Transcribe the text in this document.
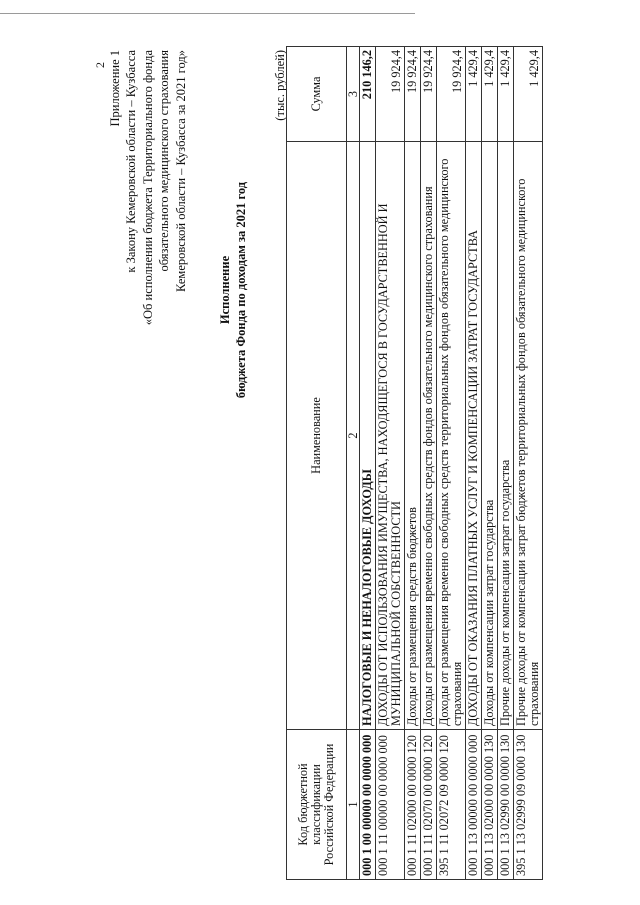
2 Приложение 1 к Закону Кемеровской области – Кузбасса «Об исполнении бюджета Территориального фонда обязательного медицинского страхования Кемеровской области – Кузбасса за 2021 год» Исполнение бюджета Фонда по доходам за 2021 год
(тыс. рублей)
Код бюджетной классификации Российской Федерации	Наименование	Сумма
1	2	3
000 1 00 00000 00 0000 000	НАЛОГОВЫЕ И НЕНАЛОГОВЫЕ ДОХОДЫ	210 146,2
000 1 11 00000 00 0000 000	ДОХОДЫ ОТ ИСПОЛЬЗОВАНИЯ ИМУЩЕСТВА, НАХОДЯЩЕГОСЯ В ГОСУДАРСТВЕННОЙ И МУНИЦИПАЛЬНОЙ СОБСТВЕННОСТИ	19 924,4
000 1 11 02000 00 0000 120	Доходы от размещения средств бюджетов	19 924,4
000 1 11 02070 00 0000 120	Доходы от размещения временно свободных средств фондов обязательного медицинского страхования	19 924,4
395 1 11 02072 09 0000 120	Доходы от размещения временно свободных средств территориальных фондов обязательного медицинского страхования	19 924,4
000 1 13 00000 00 0000 000	ДОХОДЫ ОТ ОКАЗАНИЯ ПЛАТНЫХ УСЛУГ И КОМПЕНСАЦИИ ЗАТРАТ ГОСУДАРСТВА	1 429,4
000 1 13 02000 00 0000 130	Доходы от компенсации затрат государства	1 429,4
000 1 13 02990 00 0000 130	Прочие доходы от компенсации затрат государства	1 429,4
395 1 13 02999 09 0000 130	Прочие доходы от компенсации затрат бюджетов территориальных фондов обязательного медицинского страхования	1 429,4
